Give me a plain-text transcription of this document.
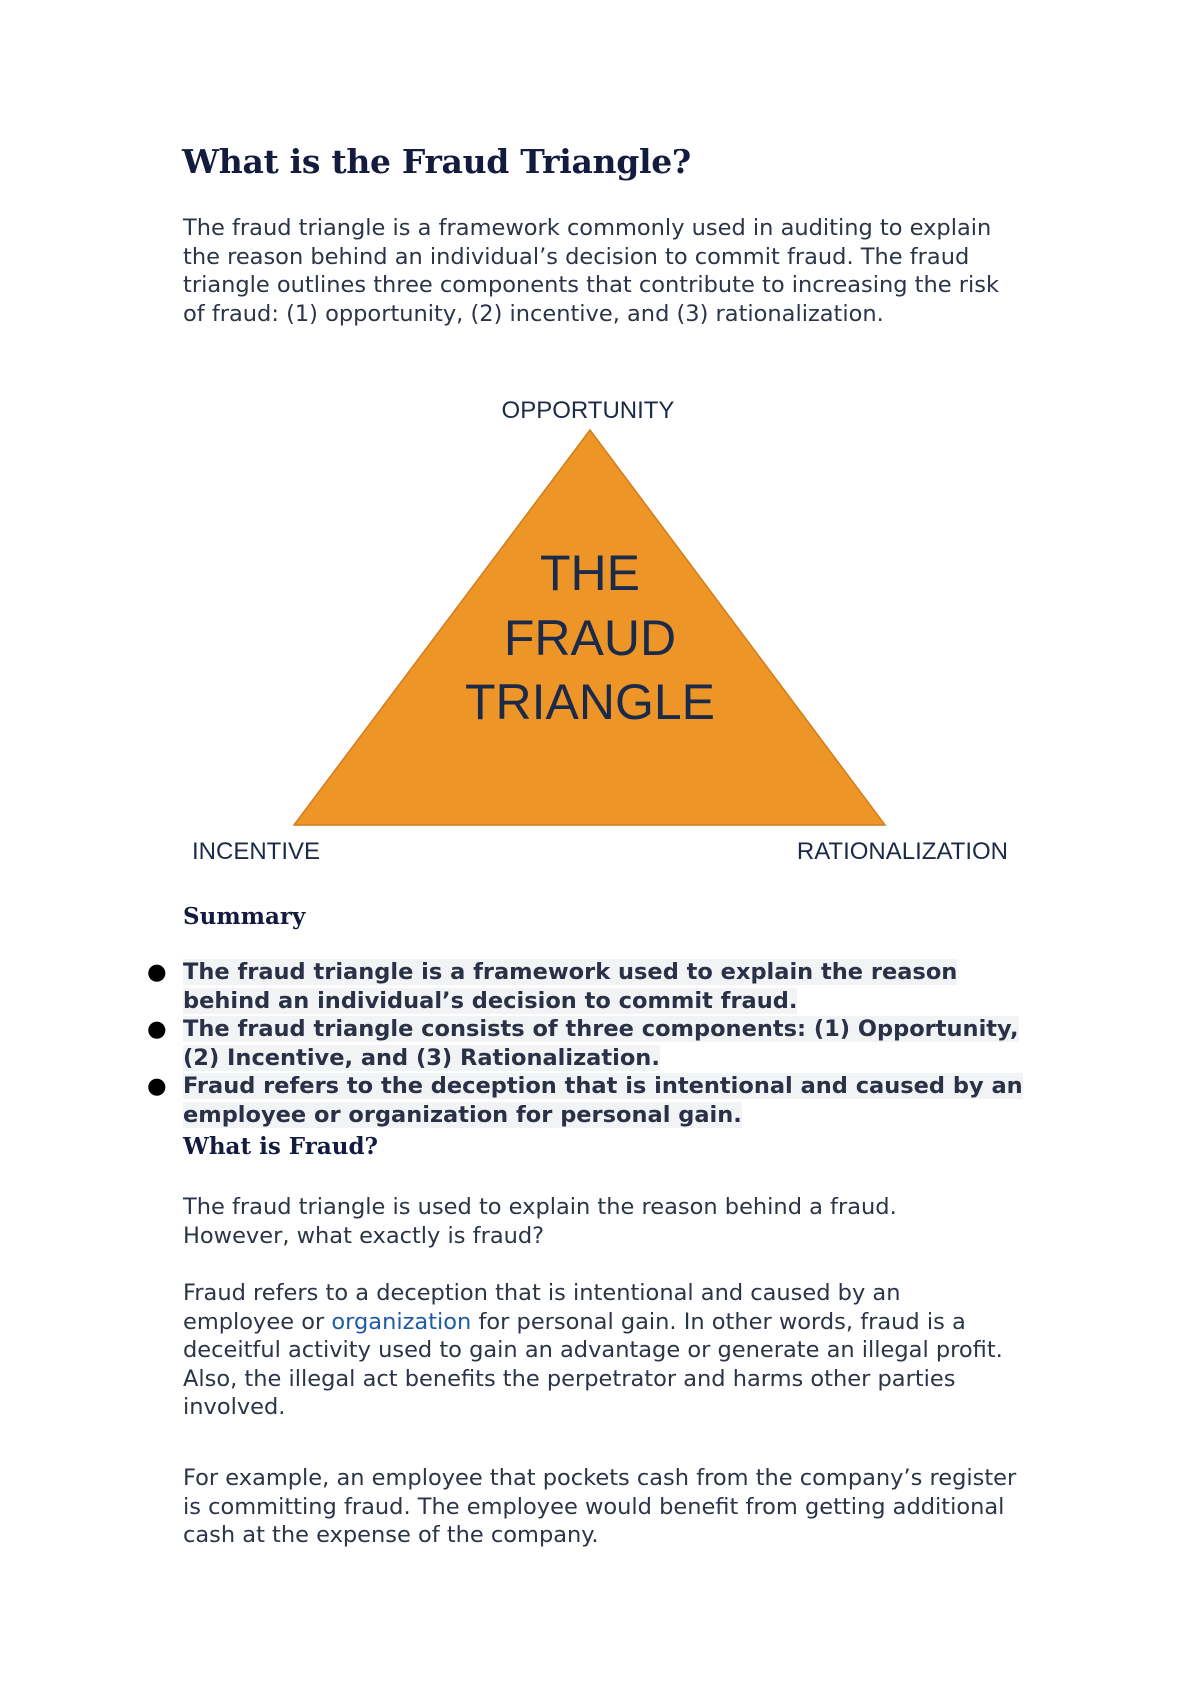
What is the Fraud Triangle?

The fraud triangle is a framework commonly used in auditing to explain the reason behind an individual’s decision to commit fraud. The fraud triangle outlines three components that contribute to increasing the risk of fraud: (1) opportunity, (2) incentive, and (3) rationalization.

OPPORTUNITY
INCENTIVE	RATIONALIZATION
THE
FRAUD
TRIANGLE
Summary
● The fraud triangle is a framework used to explain the reason behind an individual’s decision to commit fraud.
● The fraud triangle consists of three components: (1) Opportunity, (2) Incentive, and (3) Rationalization.
● Fraud refers to the deception that is intentional and caused by an employee or organization for personal gain.
What is Fraud?

The fraud triangle is used to explain the reason behind a fraud. However, what exactly is fraud?

Fraud refers to a deception that is intentional and caused by an employee or organization for personal gain. In other words, fraud is a deceitful activity used to gain an advantage or generate an illegal profit. Also, the illegal act benefits the perpetrator and harms other parties involved.

For example, an employee that pockets cash from the company’s register is committing fraud. The employee would benefit from getting additional cash at the expense of the company.
